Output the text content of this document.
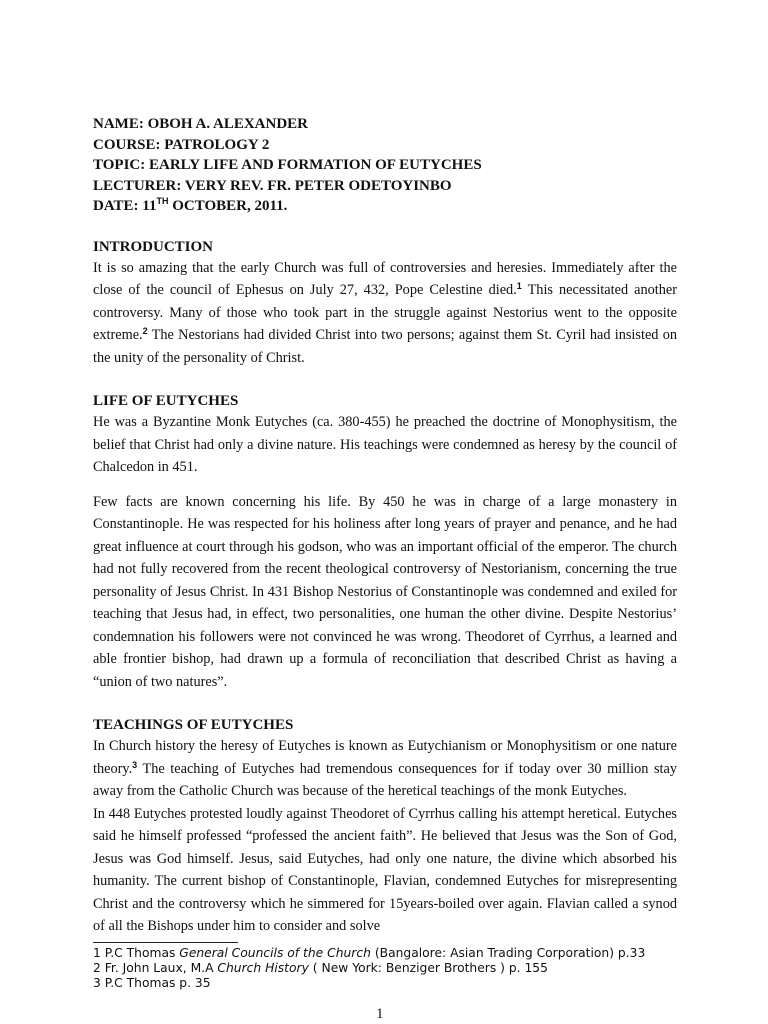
NAME: OBOH A. ALEXANDER

COURSE: PATROLOGY 2

TOPIC: EARLY LIFE AND FORMATION OF EUTYCHES

LECTURER: VERY REV. FR. PETER ODETOYINBO

DATE: 11TH OCTOBER, 2011.

INTRODUCTION

It is so amazing that the early Church was full of controversies and heresies. Immediately after the close of the council of Ephesus on July 27, 432, Pope Celestine died.$^1$ This necessitated another controversy. Many of those who took part in the struggle against Nestorius went to the opposite extreme.$^2$ The Nestorians had divided Christ into two persons; against them St. Cyril had insisted on the unity of the personality of Christ.

LIFE OF EUTYCHES

He was a Byzantine Monk Eutyches (ca. 380-455) he preached the doctrine of Monophysitism, the belief that Christ had only a divine nature. His teachings were condemned as heresy by the council of Chalcedon in 451.

Few facts are known concerning his life. By 450 he was in charge of a large monastery in Constantinople. He was respected for his holiness after long years of prayer and penance, and he had great influence at court through his godson, who was an important official of the emperor. The church had not fully recovered from the recent theological controversy of Nestorianism, concerning the true personality of Jesus Christ. In 431 Bishop Nestorius of Constantinople was condemned and exiled for teaching that Jesus had, in effect, two personalities, one human the other divine. Despite Nestorius’ condemnation his followers were not convinced he was wrong. Theodoret of Cyrrhus, a learned and able frontier bishop, had drawn up a formula of reconciliation that described Christ as having a “union of two natures”.

TEACHINGS OF EUTYCHES

In Church history the heresy of Eutyches is known as Eutychianism or Monophysitism or one nature theory.$^3$ The teaching of Eutyches had tremendous consequences for if today over 30 million stay away from the Catholic Church was because of the heretical teachings of the monk Eutyches.

In 448 Eutyches protested loudly against Theodoret of Cyrrhus calling his attempt heretical. Eutyches said he himself professed “professed the ancient faith”. He believed that Jesus was the Son of God, Jesus was God himself. Jesus, said Eutyches, had only one nature, the divine which absorbed his humanity. The current bishop of Constantinople, Flavian, condemned Eutyches for misrepresenting Christ and the controversy which he simmered for 15years-boiled over again. Flavian called a synod of all the Bishops under him to consider and solve

1 P.C Thomas General Councils of the Church (Bangalore: Asian Trading Corporation) p.33
2 Fr. John Laux, M.A Church History ( New York: Benziger Brothers ) p. 155
3 P.C Thomas p. 35
1
